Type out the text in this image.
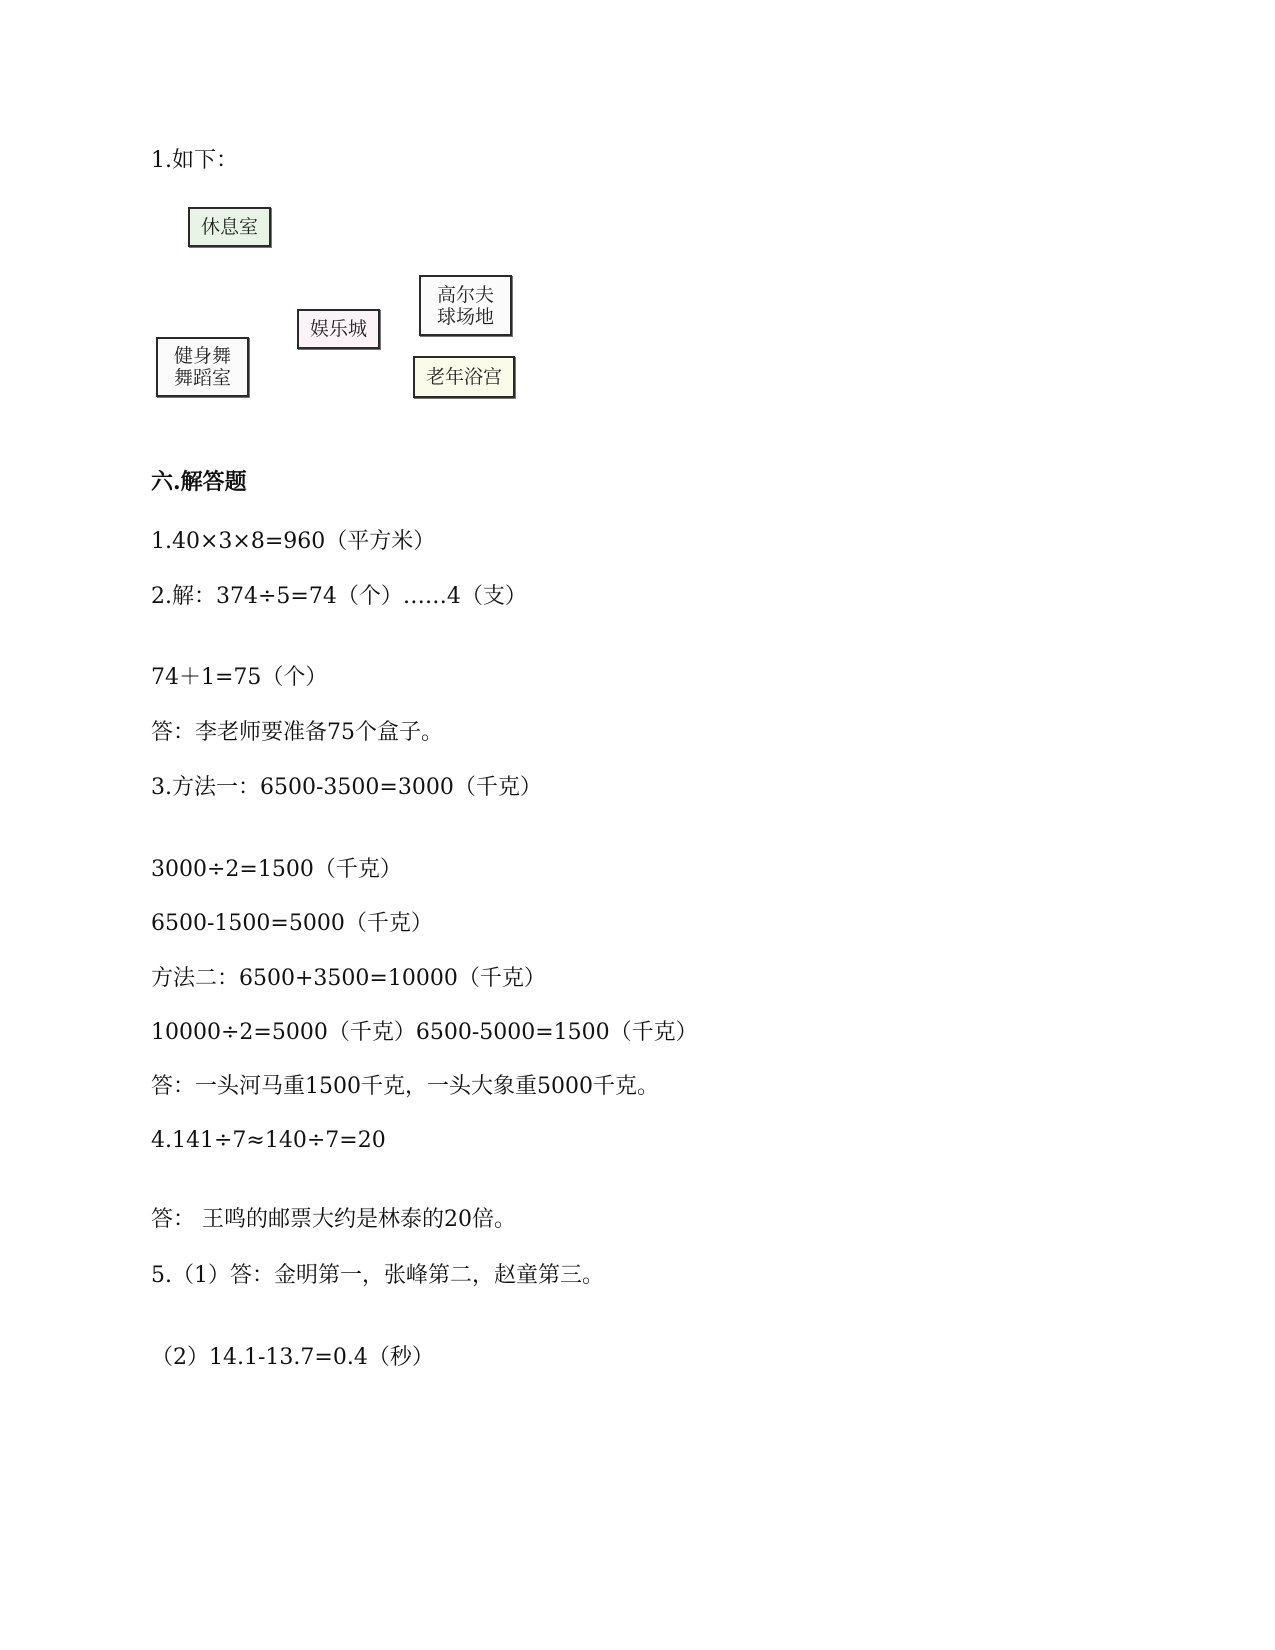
1.如下：
休息室
高尔夫
球场地
娱乐城
健身舞
舞蹈室	老年浴宫
六.解答题
1.40×3×8=960（平方米）
2.解：374÷5=74（个）……4（支）
74＋1=75（个）
答：李老师要准备75个盒子。
3.方法一：6500-3500=3000（千克）
3000÷2=1500（千克）
6500-1500=5000（千克）
方法二：6500+3500=10000（千克）
10000÷2=5000（千克）6500-5000=1500（千克）
答：一头河马重1500千克，一头大象重5000千克。
4.141÷7≈140÷7=20
答： 王鸣的邮票大约是林泰的20倍。
5.（1）答：金明第一，张峰第二，赵童第三。
（2）14.1-13.7=0.4（秒）
